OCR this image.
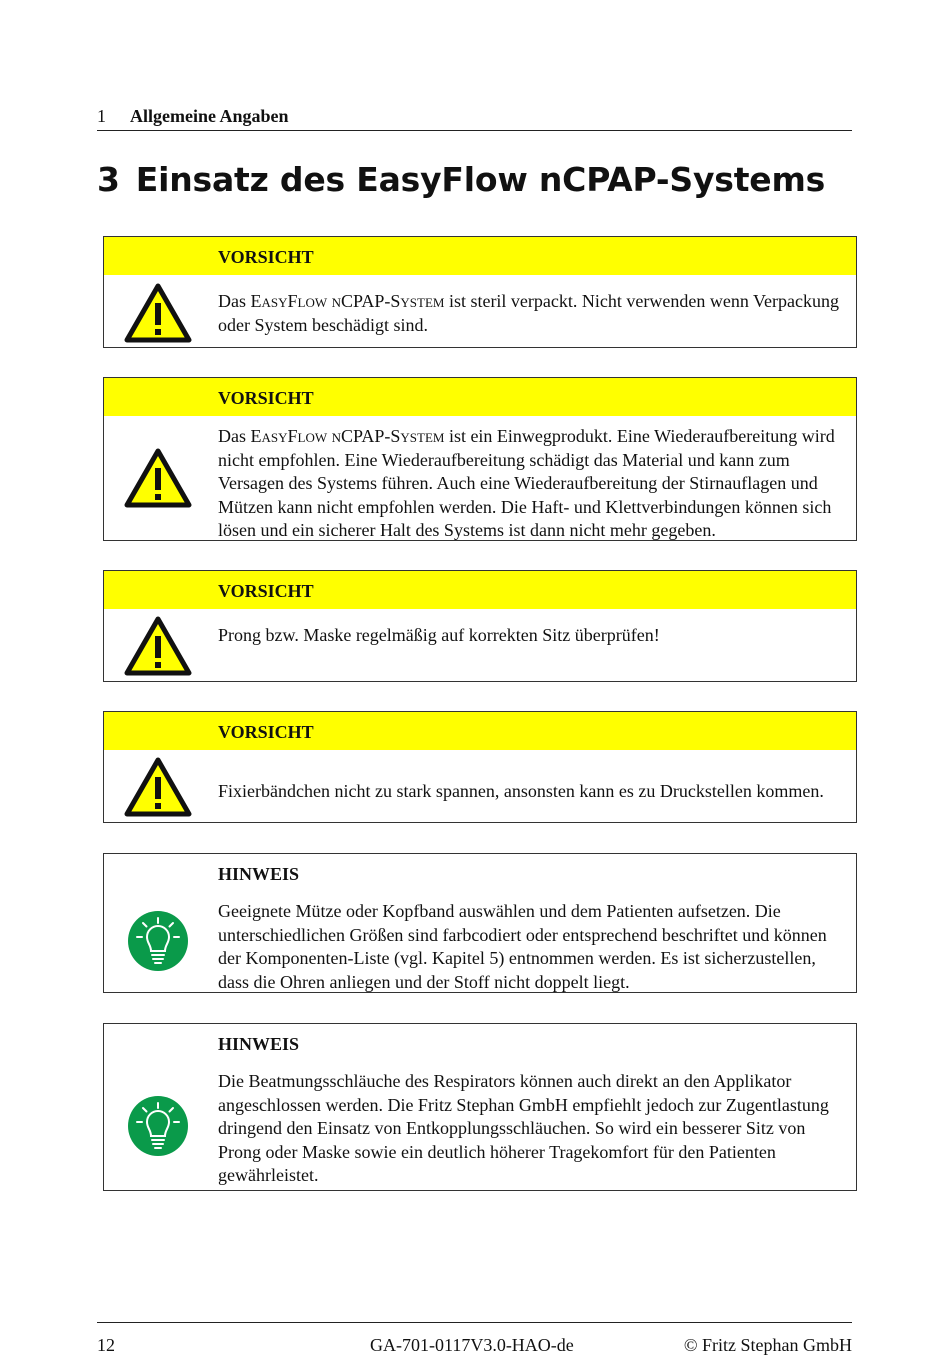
1 Allgemeine Angaben
3 Einsatz des EasyFlow nCPAP-Systems
VORSICHT
Das EasyFlow nCPAP-System ist steril verpackt. Nicht verwenden wenn Verpackung oder System beschädigt sind.
VORSICHT
Das EasyFlow nCPAP-System ist ein Einwegprodukt. Eine Wiederaufbereitung wird nicht empfohlen. Eine Wiederaufbereitung schädigt das Material und kann zum Versagen des Systems führen. Auch eine Wiederaufbereitung der Stirnauflagen und Mützen kann nicht empfohlen werden. Die Haft- und Klettverbindungen können sich lösen und ein sicherer Halt des Systems ist dann nicht mehr gegeben.
VORSICHT
Prong bzw. Maske regelmäßig auf korrekten Sitz überprüfen!
VORSICHT
Fixierbändchen nicht zu stark spannen, ansonsten kann es zu Druckstellen kommen.
HINWEIS
Geeignete Mütze oder Kopfband auswählen und dem Patienten aufsetzen. Die unterschiedlichen Größen sind farbcodiert oder entsprechend beschriftet und können der Komponenten-Liste (vgl. Kapitel 5) entnommen werden. Es ist sicherzustellen, dass die Ohren anliegen und der Stoff nicht doppelt liegt.
HINWEIS
Die Beatmungsschläuche des Respirators können auch direkt an den Applikator angeschlossen werden. Die Fritz Stephan GmbH empfiehlt jedoch zur Zugentlastung dringend den Einsatz von Entkopplungsschläuchen. So wird ein besserer Sitz von Prong oder Maske sowie ein deutlich höherer Tragekomfort für den Patienten gewährleistet.
12	GA-701-0117V3.0-HAO-de	© Fritz Stephan GmbH
